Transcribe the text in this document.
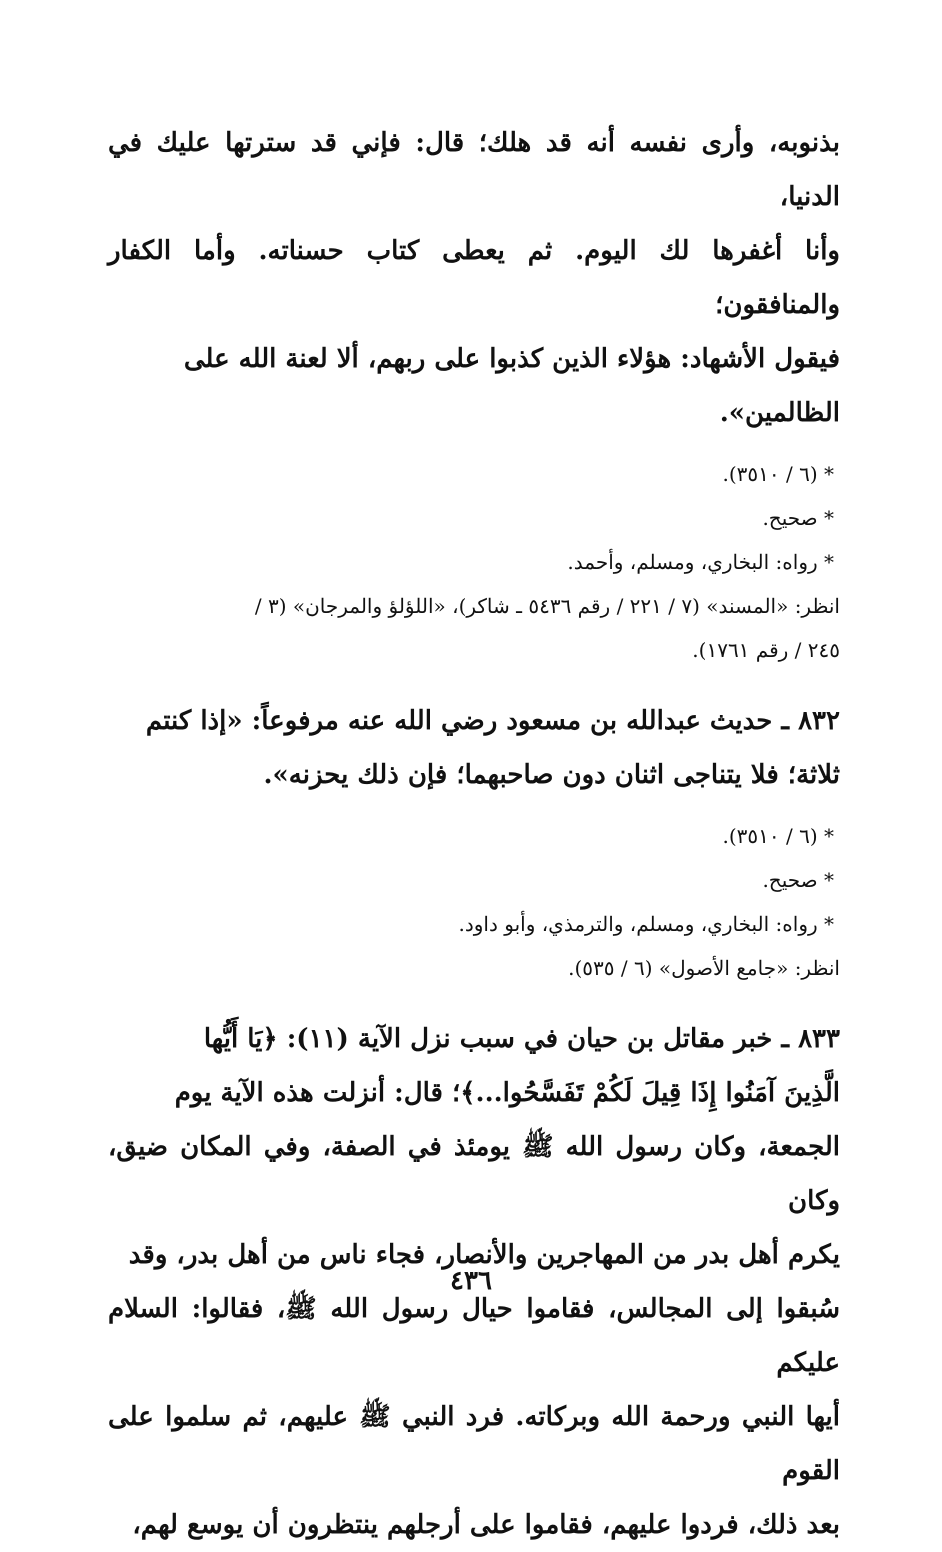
بذنوبه، وأرى نفسه أنه قد هلك؛ قال: فإني قد سترتها عليك في الدنيا،

وأنا أغفرها لك اليوم. ثم يعطى كتاب حسناته. وأما الكفار والمنافقون؛

فيقول الأشهاد: هؤلاء الذين كذبوا على ربهم، ألا لعنة الله على

الظالمين».

* (٦ / ٣٥١٠).

* صحيح.

* رواه: البخاري، ومسلم، وأحمد.

انظر: «المسند» (٧ / ٢٢١ / رقم ٥٤٣٦ ـ شاكر)، «اللؤلؤ والمرجان» (٣ /

٢٤٥ / رقم ١٧٦١).

٨٣٢ ـ حديث عبدالله بن مسعود رضي الله عنه مرفوعاً: «إذا كنتم

ثلاثة؛ فلا يتناجى اثنان دون صاحبهما؛ فإن ذلك يحزنه».

* (٦ / ٣٥١٠).

* صحيح.

* رواه: البخاري، ومسلم، والترمذي، وأبو داود.

انظر: «جامع الأصول» (٦ / ٥٣٥).

٨٣٣ ـ خبر مقاتل بن حيان في سبب نزل الآية (١١): ﴿يَا أَيُّها

الَّذِينَ آمَنُوا إِذَا قِيلَ لَكُمْ تَفَسَّحُوا...﴾؛ قال: أنزلت هذه الآية يوم

الجمعة، وكان رسول الله ﷺ يومئذ في الصفة، وفي المكان ضيق، وكان

يكرم أهل بدر من المهاجرين والأنصار، فجاء ناس من أهل بدر، وقد

سُبقوا إلى المجالس، فقاموا حيال رسول الله ﷺ، فقالوا: السلام عليكم

أيها النبي ورحمة الله وبركاته. فرد النبي ﷺ عليهم، ثم سلموا على القوم

بعد ذلك، فردوا عليهم، فقاموا على أرجلهم ينتظرون أن يوسع لهم،

٤٣٦
